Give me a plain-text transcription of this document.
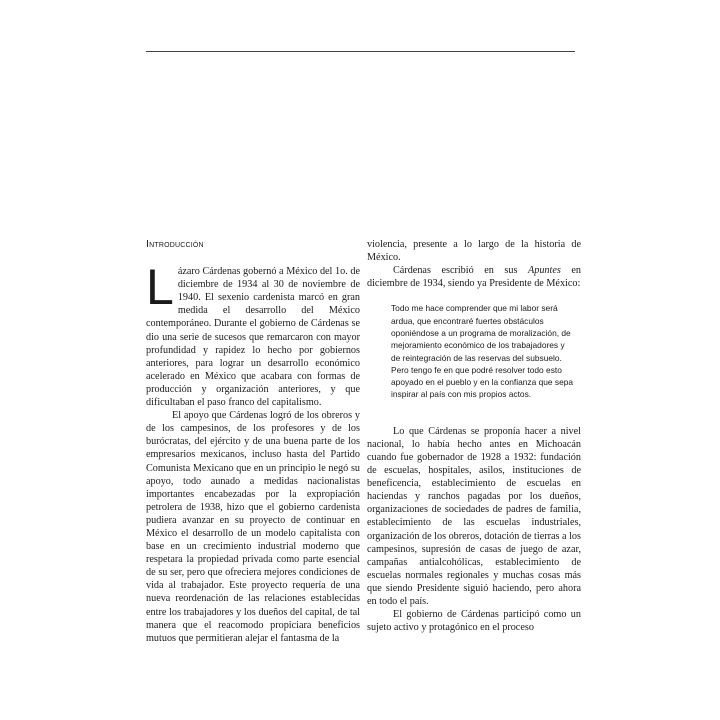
Introducción

Lázaro Cárdenas gobernó a México del 1o. de diciembre de 1934 al 30 de noviembre de 1940. El sexenio cardenista marcó en gran medida el desarrollo del México contemporáneo. Durante el gobierno de Cárdenas se dio una serie de sucesos que remarcaron con mayor profundidad y rapidez lo hecho por gobiernos anteriores, para lograr un desarrollo económico acelerado en México que acabara con formas de producción y organización anteriores, y que dificultaban el paso franco del capitalismo.

El apoyo que Cárdenas logró de los obreros y de los campesinos, de los profesores y de los burócratas, del ejército y de una buena parte de los empresarios mexicanos, incluso hasta del Partido Comunista Mexicano que en un principio le negó su apoyo, todo aunado a medidas nacionalistas importantes encabezadas por la expropiación petrolera de 1938, hizo que el gobierno cardenista pudiera avanzar en su proyecto de continuar en México el desarrollo de un modelo capitalista con base en un crecimiento industrial moderno que respetara la propiedad privada como parte esencial de su ser, pero que ofreciera mejores condiciones de vida al trabajador. Este proyecto requería de una nueva reordenación de las relaciones establecidas entre los trabajadores y los dueños del capital, de tal manera que el reacomodo propiciara beneficios mutuos que permitieran alejar el fantasma de la

violencia, presente a lo largo de la historia de México.

Cárdenas escribió en sus Apuntes en diciembre de 1934, siendo ya Presidente de México:

Todo me hace comprender que mi labor será ardua, que encontraré fuertes obstáculos oponiéndose a un programa de moralización, de mejoramiento económico de los trabajadores y de reintegración de las reservas del subsuelo. Pero tengo fe en que podré resolver todo esto apoyado en el pueblo y en la confianza que sepa inspirar al país con mis propios actos.

Lo que Cárdenas se proponía hacer a nivel nacional, lo había hecho antes en Michoacán cuando fue gobernador de 1928 a 1932: fundación de escuelas, hospitales, asilos, instituciones de beneficencia, establecimiento de escuelas en haciendas y ranchos pagadas por los dueños, organizaciones de sociedades de padres de familia, establecimiento de las escuelas industriales, organización de los obreros, dotación de tierras a los campesinos, supresión de casas de juego de azar, campañas antialcohólicas, establecimiento de escuelas normales regionales y muchas cosas más que siendo Presidente siguió haciendo, pero ahora en todo el país.

El gobierno de Cárdenas participó como un sujeto activo y protagónico en el proceso
